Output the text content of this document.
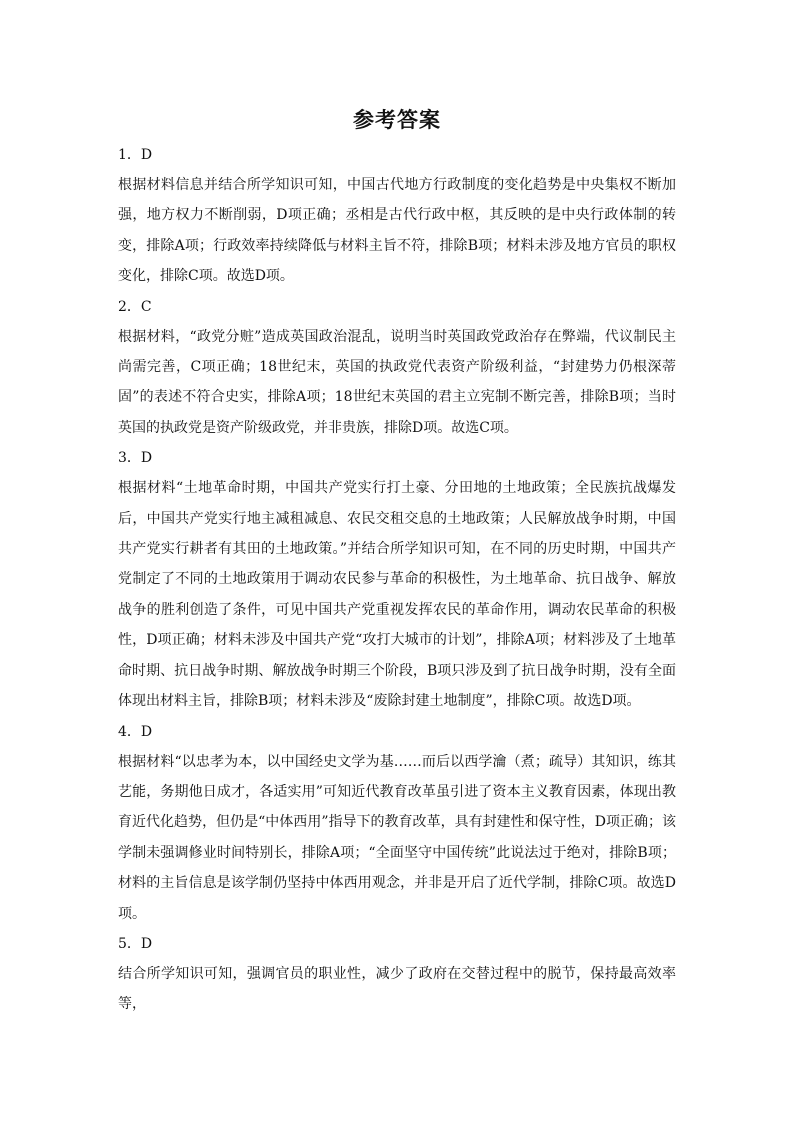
参考答案

1．D

根据材料信息并结合所学知识可知，中国古代地方行政制度的变化趋势是中央集权不断加强，地方权力不断削弱，D项正确；丞相是古代行政中枢，其反映的是中央行政体制的转变，排除A项；行政效率持续降低与材料主旨不符，排除B项；材料未涉及地方官员的职权变化，排除C项。故选D项。

2．C

根据材料，“政党分赃”造成英国政治混乱，说明当时英国政党政治存在弊端，代议制民主尚需完善，C项正确；18世纪末，英国的执政党代表资产阶级利益，“封建势力仍根深蒂固”的表述不符合史实，排除A项；18世纪末英国的君主立宪制不断完善，排除B项；当时英国的执政党是资产阶级政党，并非贵族，排除D项。故选C项。

3．D

根据材料“土地革命时期，中国共产党实行打土豪、分田地的土地政策；全民族抗战爆发后，中国共产党实行地主减租减息、农民交租交息的土地政策；人民解放战争时期，中国共产党实行耕者有其田的土地政策。”并结合所学知识可知，在不同的历史时期，中国共产党制定了不同的土地政策用于调动农民参与革命的积极性，为土地革命、抗日战争、解放战争的胜利创造了条件，可见中国共产党重视发挥农民的革命作用，调动农民革命的积极性，D项正确；材料未涉及中国共产党“攻打大城市的计划”，排除A项；材料涉及了土地革命时期、抗日战争时期、解放战争时期三个阶段，B项只涉及到了抗日战争时期，没有全面体现出材料主旨，排除B项；材料未涉及“废除封建土地制度”，排除C项。故选D项。

4．D

根据材料“以忠孝为本，以中国经史文学为基……而后以西学瀹（煮；疏导）其知识，练其艺能，务期他日成才，各适实用”可知近代教育改革虽引进了资本主义教育因素，体现出教育近代化趋势，但仍是“中体西用”指导下的教育改革，具有封建性和保守性，D项正确；该学制未强调修业时间特别长，排除A项；“全面坚守中国传统”此说法过于绝对，排除B项；材料的主旨信息是该学制仍坚持中体西用观念，并非是开启了近代学制，排除C项。故选D项。

5．D

结合所学知识可知，强调官员的职业性，减少了政府在交替过程中的脱节，保持最高效率等，
